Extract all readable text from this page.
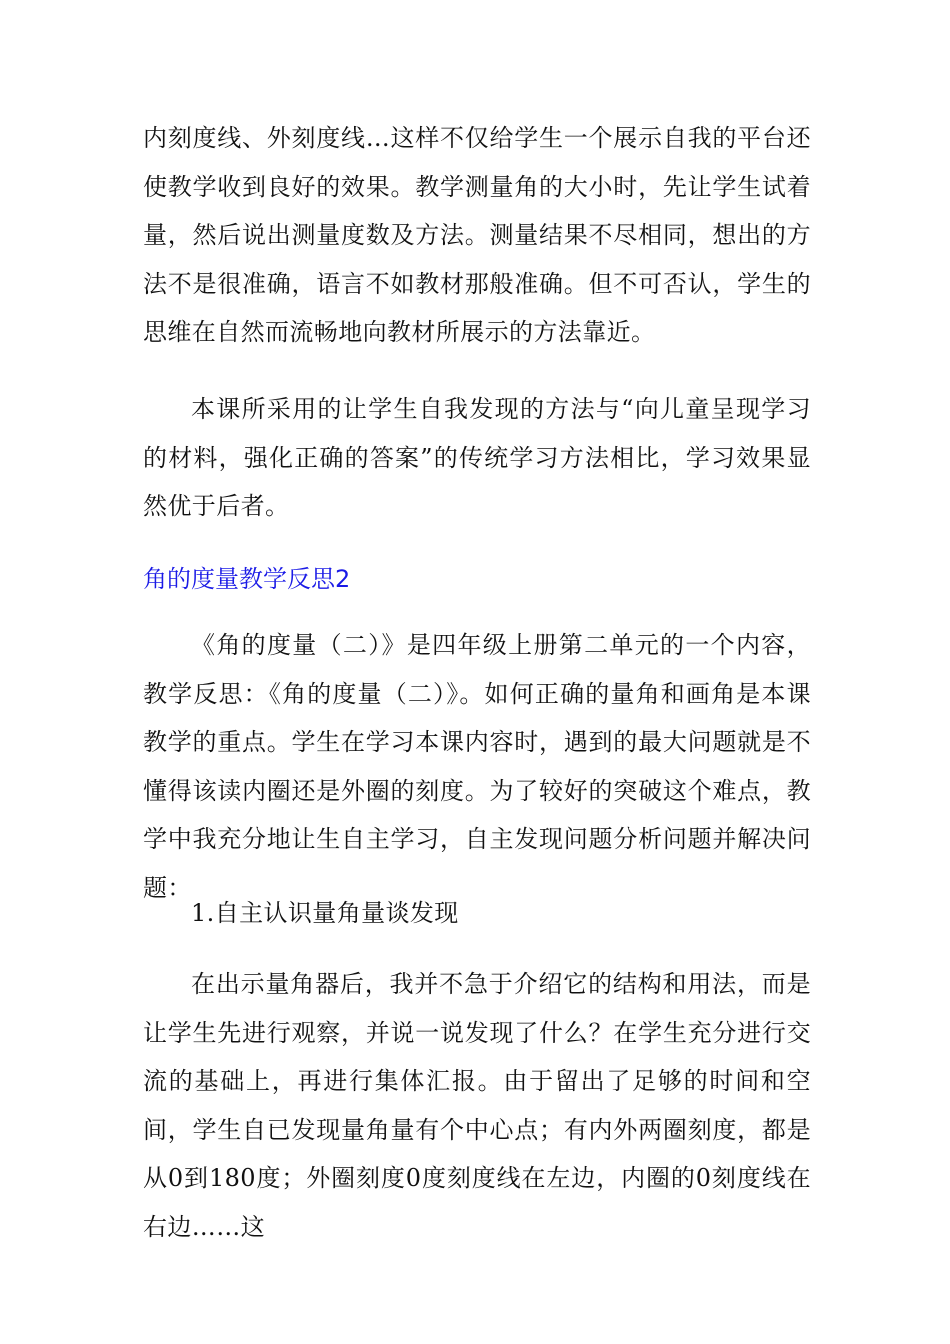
内刻度线、外刻度线…这样不仅给学生一个展示自我的平台还使教学收到良好的效果。教学测量角的大小时，先让学生试着量，然后说出测量度数及方法。测量结果不尽相同，想出的方法不是很准确，语言不如教材那般准确。但不可否认，学生的思维在自然而流畅地向教材所展示的方法靠近。

本课所采用的让学生自我发现的方法与“向儿童呈现学习的材料，强化正确的答案”的传统学习方法相比，学习效果显然优于后者。

角的度量教学反思2

《角的度量（二）》是四年级上册第二单元的一个内容，教学反思：《角的度量（二）》。如何正确的量角和画角是本课教学的重点。学生在学习本课内容时，遇到的最大问题就是不懂得该读内圈还是外圈的刻度。为了较好的突破这个难点，教学中我充分地让生自主学习，自主发现问题分析问题并解决问题：

1.自主认识量角量谈发现

在出示量角器后，我并不急于介绍它的结构和用法，而是让学生先进行观察，并说一说发现了什么？在学生充分进行交流的基础上，再进行集体汇报。由于留出了足够的时间和空间，学生自已发现量角量有个中心点；有内外两圈刻度，都是从0到180度；外圈刻度0度刻度线在左边，内圈的0刻度线在右边……这
